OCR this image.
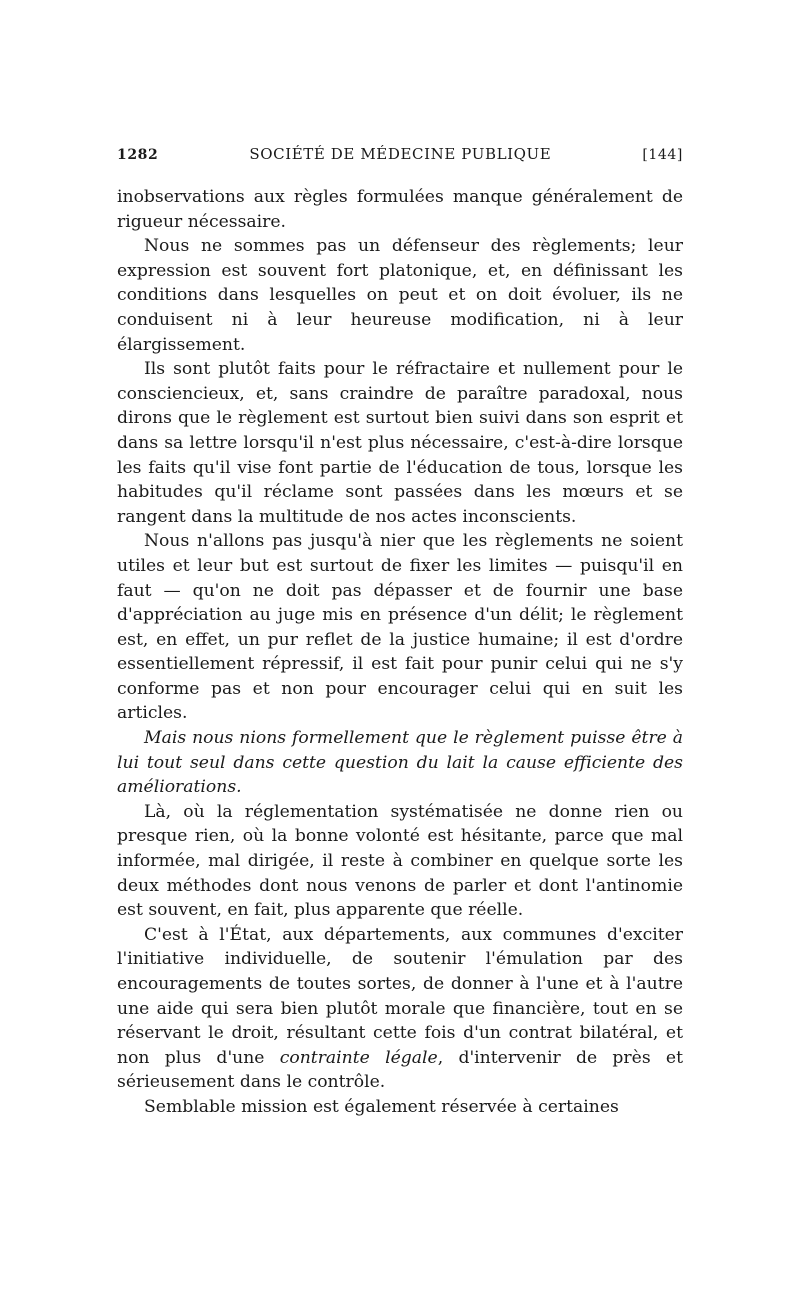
1282	SOCIÉTÉ DE MÉDECINE PUBLIQUE	[144]

inobservations aux règles formulées manque généralement de rigueur nécessaire.

Nous ne sommes pas un défenseur des règlements; leur expression est souvent fort platonique, et, en définissant les conditions dans lesquelles on peut et on doit évoluer, ils ne conduisent ni à leur heureuse modification, ni à leur élargissement.

Ils sont plutôt faits pour le réfractaire et nullement pour le consciencieux, et, sans craindre de paraître paradoxal, nous dirons que le règlement est surtout bien suivi dans son esprit et dans sa lettre lorsqu'il n'est plus nécessaire, c'est-à-dire lorsque les faits qu'il vise font partie de l'éducation de tous, lorsque les habitudes qu'il réclame sont passées dans les mœurs et se rangent dans la multitude de nos actes inconscients.

Nous n'allons pas jusqu'à nier que les règlements ne soient utiles et leur but est surtout de fixer les limites — puisqu'il en faut — qu'on ne doit pas dépasser et de fournir une base d'appréciation au juge mis en présence d'un délit; le règlement est, en effet, un pur reflet de la justice humaine; il est d'ordre essentiellement répressif, il est fait pour punir celui qui ne s'y conforme pas et non pour encourager celui qui en suit les articles.

Mais nous nions formellement que le règlement puisse être à lui tout seul dans cette question du lait la cause efficiente des améliorations.

Là, où la réglementation systématisée ne donne rien ou presque rien, où la bonne volonté est hésitante, parce que mal informée, mal dirigée, il reste à combiner en quelque sorte les deux méthodes dont nous venons de parler et dont l'antinomie est souvent, en fait, plus apparente que réelle.

C'est à l'État, aux départements, aux communes d'exciter l'initiative individuelle, de soutenir l'émulation par des encouragements de toutes sortes, de donner à l'une et à l'autre une aide qui sera bien plutôt morale que financière, tout en se réservant le droit, résultant cette fois d'un contrat bilatéral, et non plus d'une contrainte légale, d'intervenir de près et sérieusement dans le contrôle.

Semblable mission est également réservée à certaines
